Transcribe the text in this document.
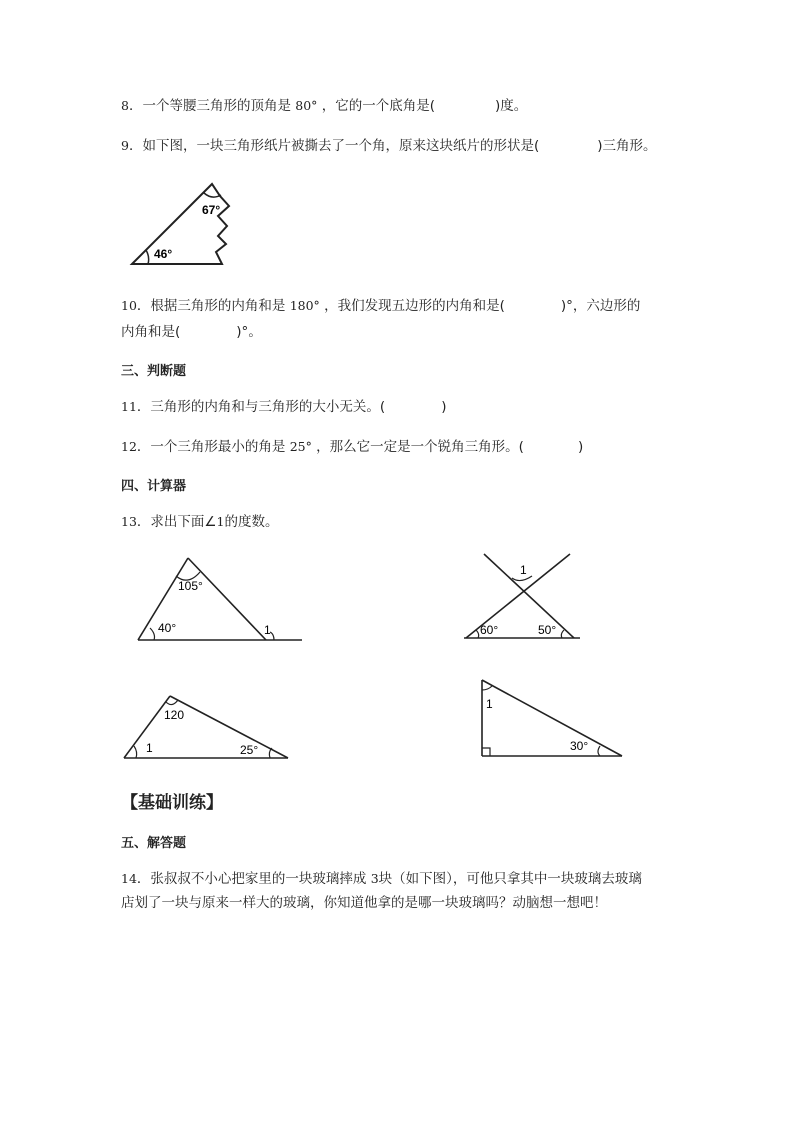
8．一个等腰三角形的顶角是 80° ，它的一个底角是(	)度。
9．如下图，一块三角形纸片被撕去了一个角，原来这块纸片的形状是(	)三角形。
67°
46°
10．根据三角形的内角和是 180° ，我们发现五边形的内角和是(	)°，六边形的
内角和是(	)°。
三、判断题
11．三角形的内角和与三角形的大小无关。(	)
12．一个三角形最小的角是 25° ，那么它一定是一个锐角三角形。(	)
四、计算器
13．求出下面∠1的度数。
105°
40°	1
1
60°	50°
120
1	25°
1
30°
【基础训练】
五、解答题
14．张叔叔不小心把家里的一块玻璃摔成 3块（如下图），可他只拿其中一块玻璃去玻璃
店划了一块与原来一样大的玻璃，你知道他拿的是哪一块玻璃吗？动脑想一想吧！
